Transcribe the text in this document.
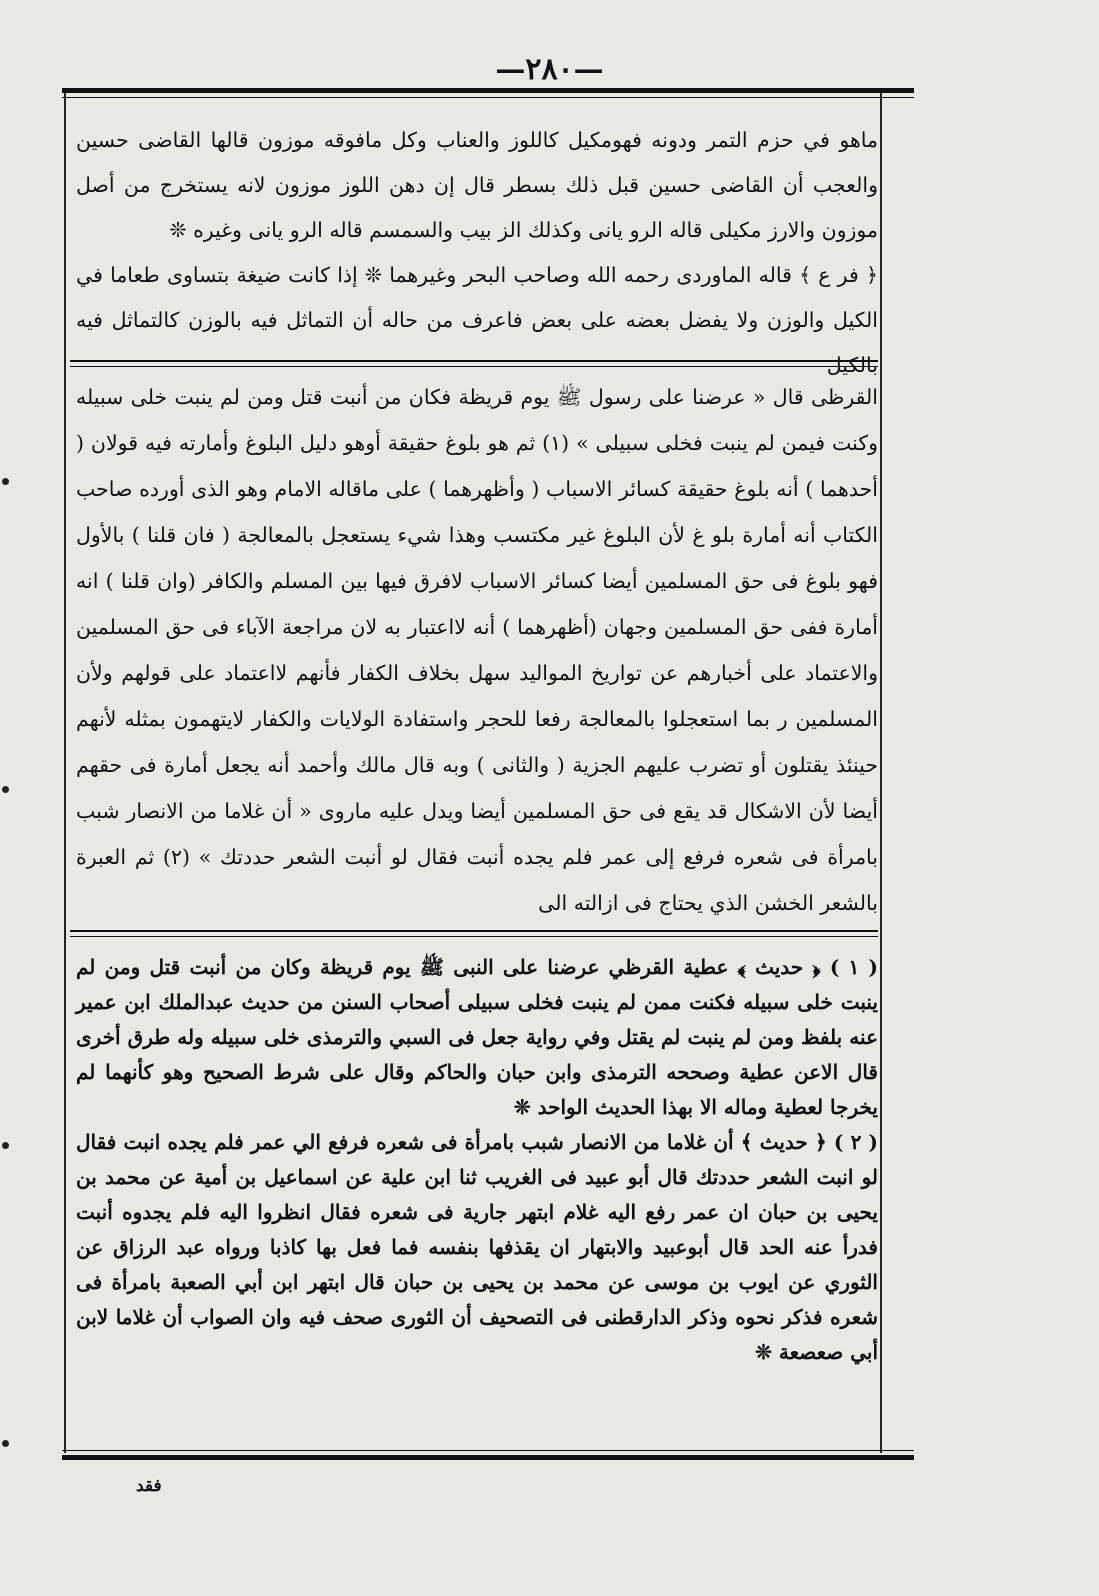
—٢٨٠—

ماهو في حزم التمر ودونه فهومكيل كاللوز والعناب وكل مافوقه موزون قالها القاضى حسين والعجب أن القاضى حسين قبل ذلك بسطر قال إن دهن اللوز موزون لانه يستخرج من أصل موزون والارز مكيلى قاله الرو يانى وكذلك الز بيب والسمسم قاله الرو يانى وغيره ❊

﴿ فر ع ﴾ قاله الماوردى رحمه الله وصاحب البحر وغيرهما ❊ إذا كانت ضيغة بتساوى طعاما في الكيل والوزن ولا يفضل بعضه على بعض فاعرف من حاله أن التماثل فيه بالوزن كالتماثل فيه بالكيل

القرظى قال « عرضنا على رسول ﷺ يوم قريظة فكان من أنبت قتل ومن لم ينبت خلى سبيله وكنت فيمن لم ينبت فخلى سبيلى » (١) ثم هو بلوغ حقيقة أوهو دليل البلوغ وأمارته فيه قولان ( أحدهما ) أنه بلوغ حقيقة كسائر الاسباب ( وأظهرهما ) على ماقاله الامام وهو الذى أورده صاحب الكتاب أنه أمارة بلو غ لأن البلوغ غير مكتسب وهذا شيء يستعجل بالمعالجة ( فان قلنا ) بالأول فهو بلوغ فى حق المسلمين أيضا كسائر الاسباب لافرق فيها بين المسلم والكافر (وان قلنا ) انه أمارة ففى حق المسلمين وجهان (أظهرهما ) أنه لااعتبار به لان مراجعة الآباء فى حق المسلمين والاعتماد على أخبارهم عن تواريخ المواليد سهل بخلاف الكفار فأنهم لااعتماد على قولهم ولأن المسلمين ر بما استعجلوا بالمعالجة رفعا للحجر واستفادة الولايات والكفار لايتهمون بمثله لأنهم حينئذ يقتلون أو تضرب عليهم الجزية ( والثانى ) وبه قال مالك وأحمد أنه يجعل أمارة فى حقهم أيضا لأن الاشكال قد يقع فى حق المسلمين أيضا ويدل عليه ماروى « أن غلاما من الانصار شبب بامرأة فى شعره فرفع إلى عمر فلم يجده أنبت فقال لو أنبت الشعر حددتك » (٢) ثم العبرة بالشعر الخشن الذي يحتاج فى ازالته الى

( ١ ) ﴿ حديث ﴾ عطية القرظي عرضنا على النبى ﷺ يوم قريظة وكان من أنبت قتل ومن لم ينبت خلى سبيله فكنت ممن لم ينبت فخلى سبيلى أصحاب السنن من حديث عبدالملك ابن عمير عنه بلفظ ومن لم ينبت لم يقتل وفي رواية جعل فى السبي والترمذى خلى سبيله وله طرق أخرى قال الاعن عطية وصححه الترمذى وابن حبان والحاكم وقال على شرط الصحيح وهو كأنهما لم يخرجا لعطية وماله الا بهذا الحديث الواحد ❊

( ٢ ) ﴿ حديث ﴾ أن غلاما من الانصار شبب بامرأة فى شعره فرفع الي عمر فلم يجده انبت فقال لو انبت الشعر حددتك قال أبو عبيد فى الغريب ثنا ابن علية عن اسماعيل بن أمية عن محمد بن يحيى بن حبان ان عمر رفع اليه غلام ابتهر جارية فى شعره فقال انظروا اليه فلم يجدوه أنبت فدرأ عنه الحد قال أبوعبيد والابتهار ان يقذفها بنفسه فما فعل بها كاذبا ورواه عبد الرزاق عن الثوري عن ايوب بن موسى عن محمد بن يحيى بن حبان قال ابتهر ابن أبي الصعبة بامرأة فى شعره فذكر نحوه وذكر الدارقطنى فى التصحيف أن الثورى صحف فيه وان الصواب أن غلاما لابن أبي صعصعة ❊

فقد
